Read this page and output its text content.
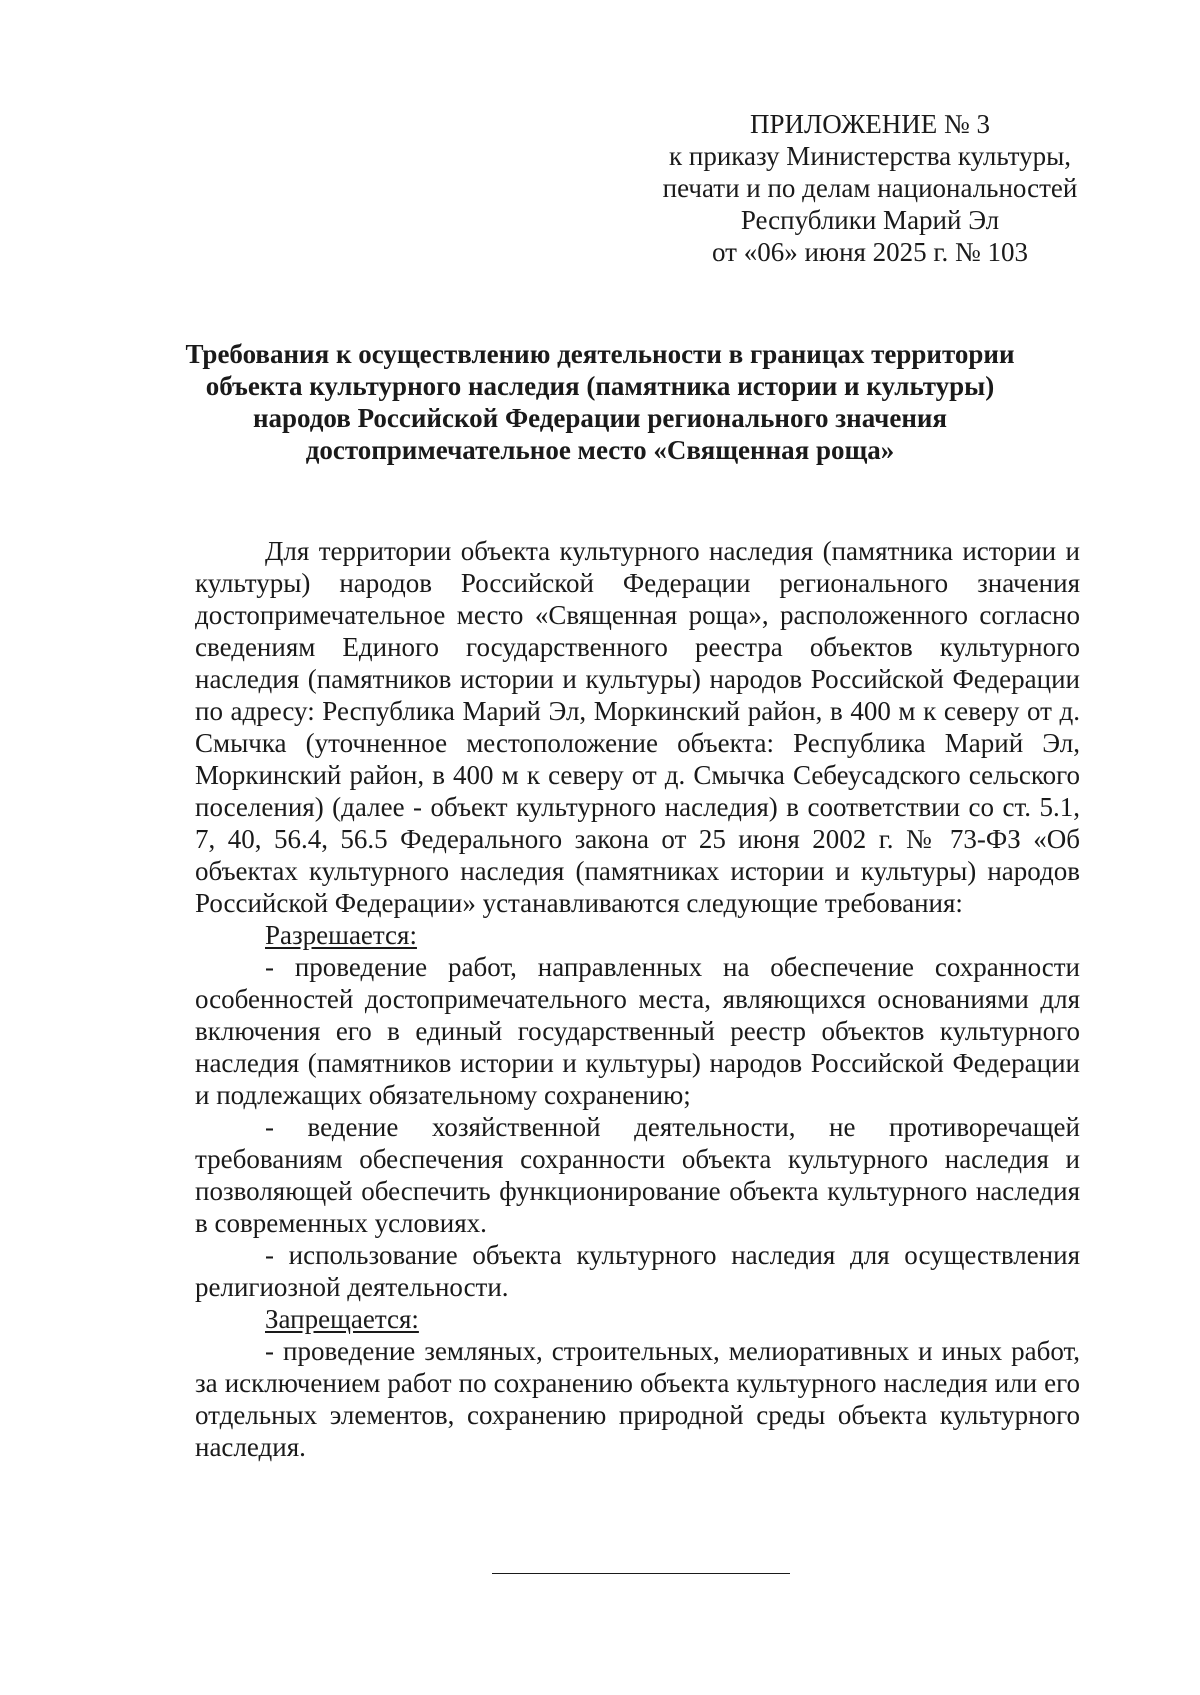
ПРИЛОЖЕНИЕ № 3
к приказу Министерства культуры,
печати и по делам национальностей
Республики Марий Эл
от «06» июня 2025 г. № 103
Требования к осуществлению деятельности в границах территории
объекта культурного наследия (памятника истории и культуры)
народов Российской Федерации регионального значения
достопримечательное место «Священная роща»

Для территории объекта культурного наследия (памятника истории и культуры) народов Российской Федерации регионального значения достопримечательное место «Священная роща», расположенного согласно сведениям Единого государственного реестра объектов культурного наследия (памятников истории и культуры) народов Российской Федерации по адресу: Республика Марий Эл, Моркинский район, в 400 м к северу от д. Смычка (уточненное местоположение объекта: Республика Марий Эл, Моркинский район, в 400 м к северу от д. Смычка Себеусадского сельского поселения) (далее - объект культурного наследия) в соответствии со ст. 5.1, 7, 40, 56.4, 56.5 Федерального закона от 25 июня 2002 г. № 73-ФЗ «Об объектах культурного наследия (памятниках истории и культуры) народов Российской Федерации» устанавливаются следующие требования:

Разрешается:

- проведение работ, направленных на обеспечение сохранности особенностей достопримечательного места, являющихся основаниями для включения его в единый государственный реестр объектов культурного наследия (памятников истории и культуры) народов Российской Федерации и подлежащих обязательному сохранению;

- ведение хозяйственной деятельности, не противоречащей требованиям обеспечения сохранности объекта культурного наследия и позволяющей обеспечить функционирование объекта культурного наследия в современных условиях.

- использование объекта культурного наследия для осуществления религиозной деятельности.

Запрещается:

- проведение земляных, строительных, мелиоративных и иных работ, за исключением работ по сохранению объекта культурного наследия или его отдельных элементов, сохранению природной среды объекта культурного наследия.
